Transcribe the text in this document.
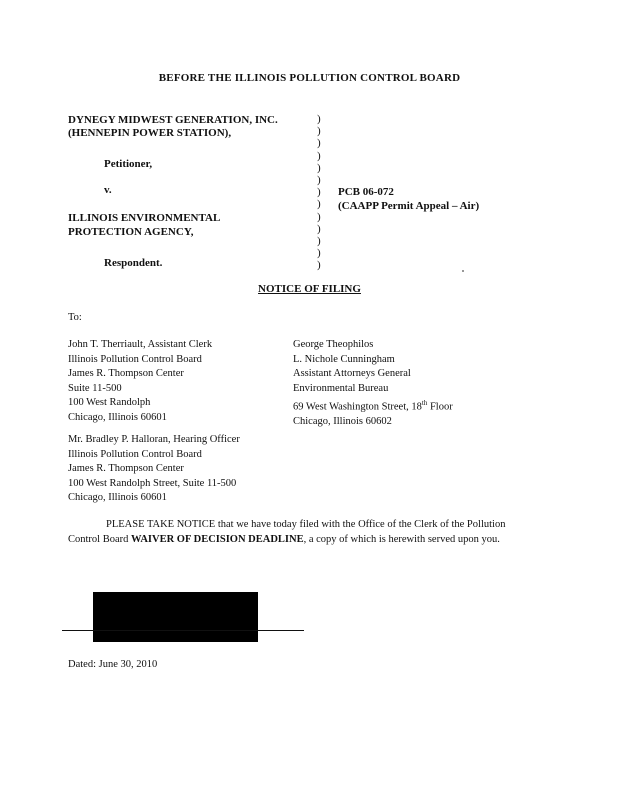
BEFORE THE ILLINOIS POLLUTION CONTROL BOARD
DYNEGY MIDWEST GENERATION, INC.
(HENNEPIN POWER STATION),
Petitioner,
v.
ILLINOIS ENVIRONMENTAL
PROTECTION AGENCY,
Respondent.
)
)
)
)
)
)
)
)
)
)
)
)
)
PCB 06-072
(CAAPP Permit Appeal – Air)
NOTICE OF FILING
To:
John T. Therriault, Assistant Clerk
Illinois Pollution Control Board
James R. Thompson Center
Suite 11-500
100 West Randolph
Chicago, Illinois 60601
George Theophilos
L. Nichole Cunningham
Assistant Attorneys General
Environmental Bureau
69 West Washington Street, 18th Floor
Chicago, Illinois 60602
Mr. Bradley P. Halloran, Hearing Officer
Illinois Pollution Control Board
James R. Thompson Center
100 West Randolph Street, Suite 11-500
Chicago, Illinois 60601
PLEASE TAKE NOTICE that we have today filed with the Office of the Clerk of the Pollution Control Board WAIVER OF DECISION DEADLINE, a copy of which is herewith served upon you.
Dated: June 30, 2010
